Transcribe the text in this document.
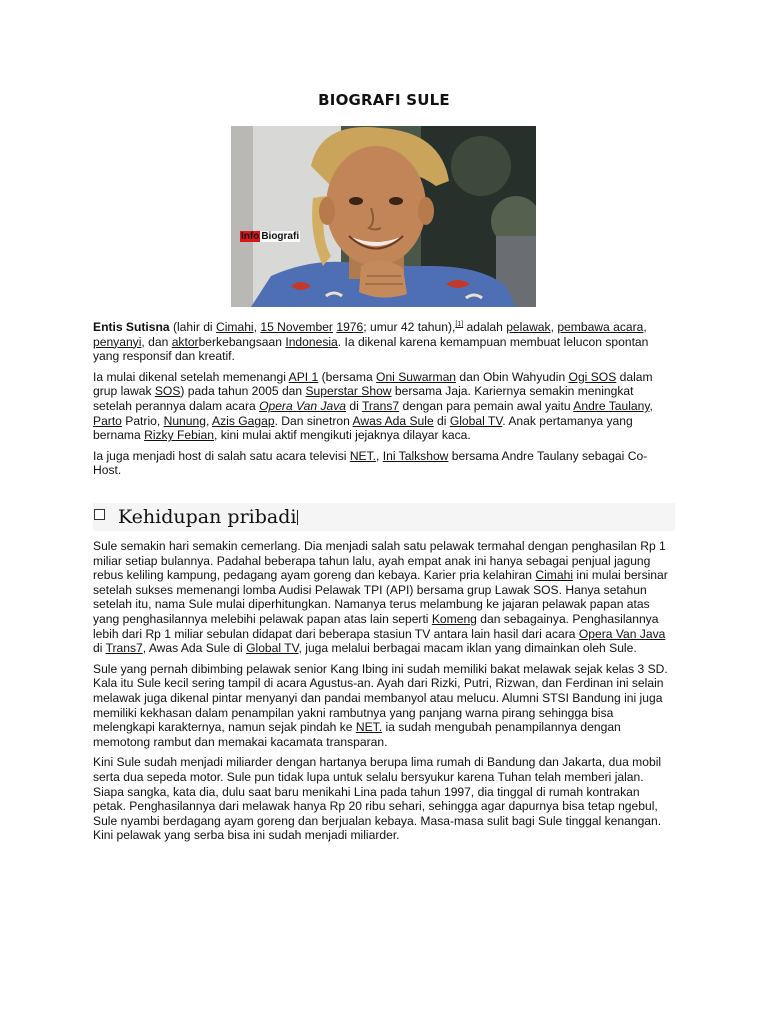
BIOGRAFI SULE
Info Biografi

Entis Sutisna (lahir di Cimahi, 15 November 1976; umur 42 tahun),[1] adalah pelawak, pembawa acara, penyanyi, dan aktorberkebangsaan Indonesia. Ia dikenal karena kemampuan membuat lelucon spontan yang responsif dan kreatif.

Ia mulai dikenal setelah memenangi API 1 (bersama Oni Suwarman dan Obin Wahyudin Ogi SOS dalam grup lawak SOS) pada tahun 2005 dan Superstar Show bersama Jaja. Kariernya semakin meningkat setelah perannya dalam acara Opera Van Java di Trans7 dengan para pemain awal yaitu Andre Taulany, Parto Patrio, Nunung, Azis Gagap. Dan sinetron Awas Ada Sule di Global TV. Anak pertamanya yang bernama Rizky Febian, kini mulai aktif mengikuti jejaknya dilayar kaca.

Ia juga menjadi host di salah satu acara televisi NET., Ini Talkshow bersama Andre Taulany sebagai Co-Host.

Kehidupan pribadi

Sule semakin hari semakin cemerlang. Dia menjadi salah satu pelawak termahal dengan penghasilan Rp 1 miliar setiap bulannya. Padahal beberapa tahun lalu, ayah empat anak ini hanya sebagai penjual jagung rebus keliling kampung, pedagang ayam goreng dan kebaya. Karier pria kelahiran Cimahi ini mulai bersinar setelah sukses memenangi lomba Audisi Pelawak TPI (API) bersama grup Lawak SOS. Hanya setahun setelah itu, nama Sule mulai diperhitungkan. Namanya terus melambung ke jajaran pelawak papan atas yang penghasilannya melebihi pelawak papan atas lain seperti Komeng dan sebagainya. Penghasilannya lebih dari Rp 1 miliar sebulan didapat dari beberapa stasiun TV antara lain hasil dari acara Opera Van Java di Trans7, Awas Ada Sule di Global TV, juga melalui berbagai macam iklan yang dimainkan oleh Sule.

Sule yang pernah dibimbing pelawak senior Kang Ibing ini sudah memiliki bakat melawak sejak kelas 3 SD. Kala itu Sule kecil sering tampil di acara Agustus-an. Ayah dari Rizki, Putri, Rizwan, dan Ferdinan ini selain melawak juga dikenal pintar menyanyi dan pandai membanyol atau melucu. Alumni STSI Bandung ini juga memiliki kekhasan dalam penampilan yakni rambutnya yang panjang warna pirang sehingga bisa melengkapi karakternya, namun sejak pindah ke NET. ia sudah mengubah penampilannya dengan memotong rambut dan memakai kacamata transparan.

Kini Sule sudah menjadi miliarder dengan hartanya berupa lima rumah di Bandung dan Jakarta, dua mobil serta dua sepeda motor. Sule pun tidak lupa untuk selalu bersyukur karena Tuhan telah memberi jalan. Siapa sangka, kata dia, dulu saat baru menikahi Lina pada tahun 1997, dia tinggal di rumah kontrakan petak. Penghasilannya dari melawak hanya Rp 20 ribu sehari, sehingga agar dapurnya bisa tetap ngebul, Sule nyambi berdagang ayam goreng dan berjualan kebaya. Masa-masa sulit bagi Sule tinggal kenangan. Kini pelawak yang serba bisa ini sudah menjadi miliarder.
